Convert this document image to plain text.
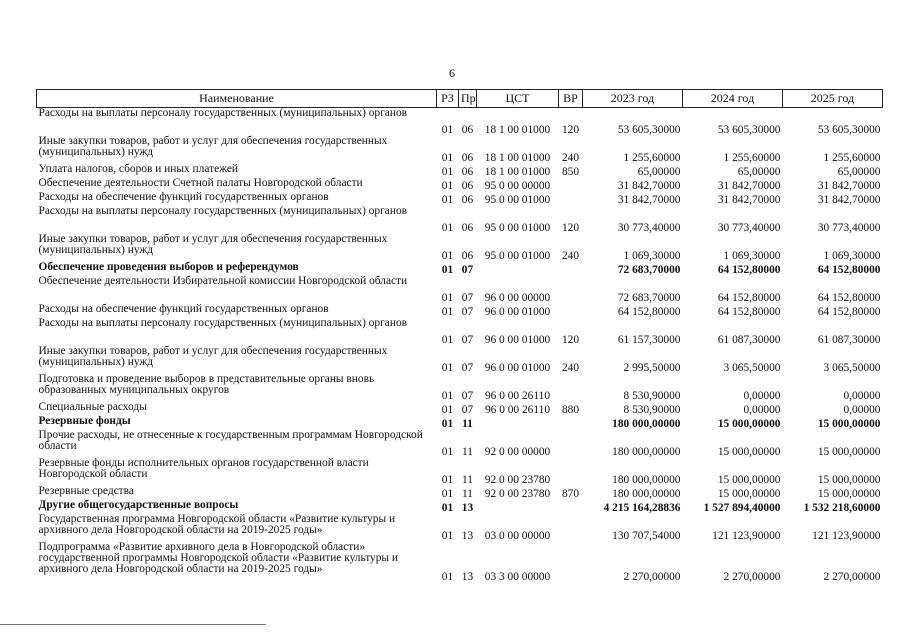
6
Наименование	РЗ	Пр	ЦСТ	ВР	2023 год	2024 год	2025 год
Расходы на выплаты персоналу государственных (муниципальных) органов	01	06	18 1 00 01000	120	53 605,30000	53 605,30000	53 605,30000
Иные закупки товаров, работ и услуг для обеспечения государственных (муниципальных) нужд	01	06	18 1 00 01000	240	1 255,60000	1 255,60000	1 255,60000
Уплата налогов, сборов и иных платежей	01	06	18 1 00 01000	850	65,00000	65,00000	65,00000
Обеспечение деятельности Счетной палаты Новгородской области	01	06	95 0 00 00000		31 842,70000	31 842,70000	31 842,70000
Расходы на обеспечение функций государственных органов	01	06	95 0 00 01000		31 842,70000	31 842,70000	31 842,70000
Расходы на выплаты персоналу государственных (муниципальных) органов	01	06	95 0 00 01000	120	30 773,40000	30 773,40000	30 773,40000
Иные закупки товаров, работ и услуг для обеспечения государственных (муниципальных) нужд	01	06	95 0 00 01000	240	1 069,30000	1 069,30000	1 069,30000
Обеспечение проведения выборов и референдумов	01	07			72 683,70000	64 152,80000	64 152,80000
Обеспечение деятельности Избирательной комиссии Новгородской области	01	07	96 0 00 00000		72 683,70000	64 152,80000	64 152,80000
Расходы на обеспечение функций государственных органов	01	07	96 0 00 01000		64 152,80000	64 152,80000	64 152,80000
Расходы на выплаты персоналу государственных (муниципальных) органов	01	07	96 0 00 01000	120	61 157,30000	61 087,30000	61 087,30000
Иные закупки товаров, работ и услуг для обеспечения государственных (муниципальных) нужд	01	07	96 0 00 01000	240	2 995,50000	3 065,50000	3 065,50000
Подготовка и проведение выборов в представительные органы вновь образованных муниципальных округов	01	07	96 0 00 26110		8 530,90000	0,00000	0,00000
Специальные расходы	01	07	96 0 00 26110	880	8 530,90000	0,00000	0,00000
Резервные фонды	01	11			180 000,00000	15 000,00000	15 000,00000
Прочие расходы, не отнесенные к государственным программам Новгородской области	01	11	92 0 00 00000		180 000,00000	15 000,00000	15 000,00000
Резервные фонды исполнительных органов государственной власти Новгородской области	01	11	92 0 00 23780		180 000,00000	15 000,00000	15 000,00000
Резервные средства	01	11	92 0 00 23780	870	180 000,00000	15 000,00000	15 000,00000
Другие общегосударственные вопросы	01	13			4 215 164,28836	1 527 894,40000	1 532 218,60000
Государственная программа Новгородской области «Развитие культуры и архивного дела Новгородской области на 2019-2025 годы»	01	13	03 0 00 00000		130 707,54000	121 123,90000	121 123,90000
Подпрограмма «Развитие архивного дела в Новгородской области» государственной программы Новгородской области «Развитие культуры и архивного дела Новгородской области на 2019-2025 годы»	01	13	03 3 00 00000		2 270,00000	2 270,00000	2 270,00000
